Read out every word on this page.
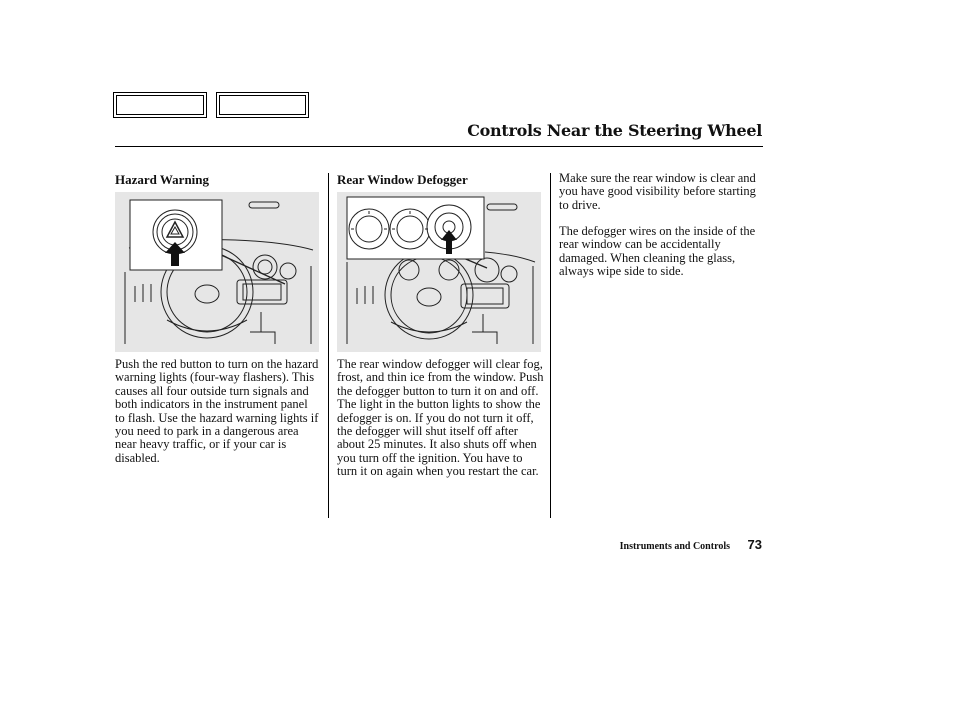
Controls Near the Steering Wheel
Hazard Warning

Push the red button to turn on the hazard warning lights (four-way flashers). This causes all four outside turn signals and both indicators in the instrument panel to flash. Use the hazard warning lights if you need to park in a dangerous area near heavy traffic, or if your car is disabled.

Rear Window Defogger

The rear window defogger will clear fog, frost, and thin ice from the window. Push the defogger button to turn it on and off. The light in the button lights to show the defogger is on. If you do not turn it off, the defogger will shut itself off after about 25 minutes. It also shuts off when you turn off the ignition. You have to turn it on again when you restart the car.

Make sure the rear window is clear and you have good visibility before starting to drive.

The defogger wires on the inside of the rear window can be accidentally damaged. When cleaning the glass, always wipe side to side.

Instruments and Controls 73
